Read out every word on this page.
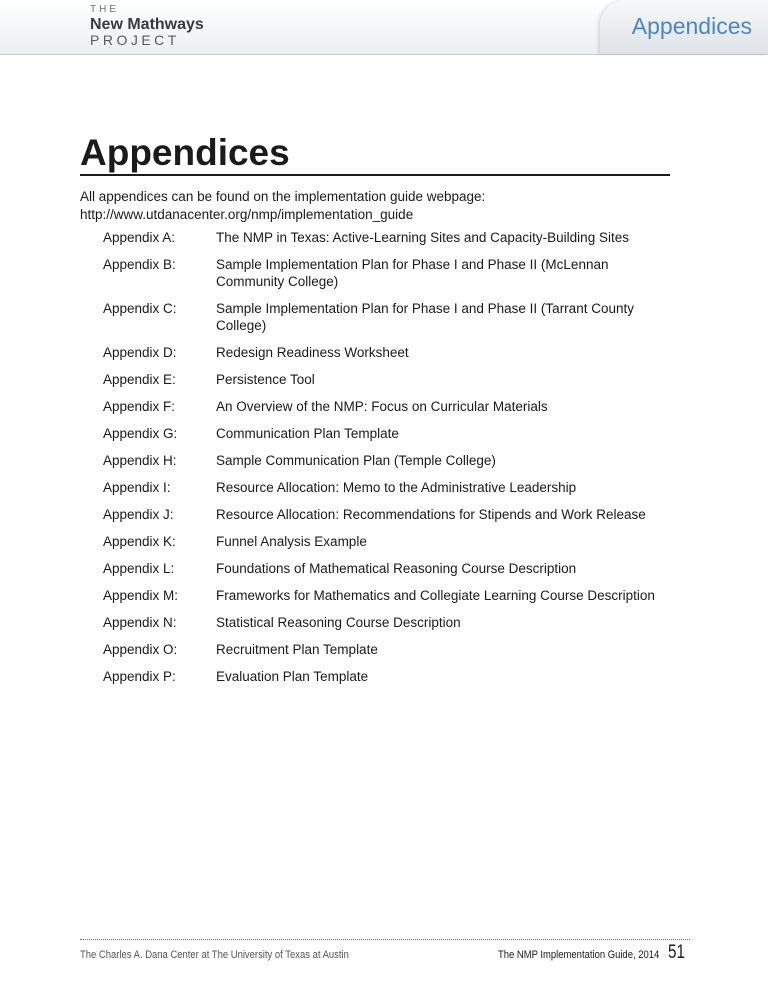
THE
New Mathways
PROJECT
Appendices
Appendices
All appendices can be found on the implementation guide webpage:
http://www.utdanacenter.org/nmp/implementation_guide
Appendix A:	The NMP in Texas: Active-Learning Sites and Capacity-Building Sites
Appendix B:	Sample Implementation Plan for Phase I and Phase II (McLennan Community College)
Appendix C:	Sample Implementation Plan for Phase I and Phase II (Tarrant County College)
Appendix D:	Redesign Readiness Worksheet
Appendix E:	Persistence Tool
Appendix F:	An Overview of the NMP: Focus on Curricular Materials
Appendix G:	Communication Plan Template
Appendix H:	Sample Communication Plan (Temple College)
Appendix I:	Resource Allocation: Memo to the Administrative Leadership
Appendix J:	Resource Allocation: Recommendations for Stipends and Work Release
Appendix K:	Funnel Analysis Example
Appendix L:	Foundations of Mathematical Reasoning Course Description
Appendix M:	Frameworks for Mathematics and Collegiate Learning Course Description
Appendix N:	Statistical Reasoning Course Description
Appendix O:	Recruitment Plan Template
Appendix P:	Evaluation Plan Template
The Charles A. Dana Center at The University of Texas at Austin	The NMP Implementation Guide, 2014 51
